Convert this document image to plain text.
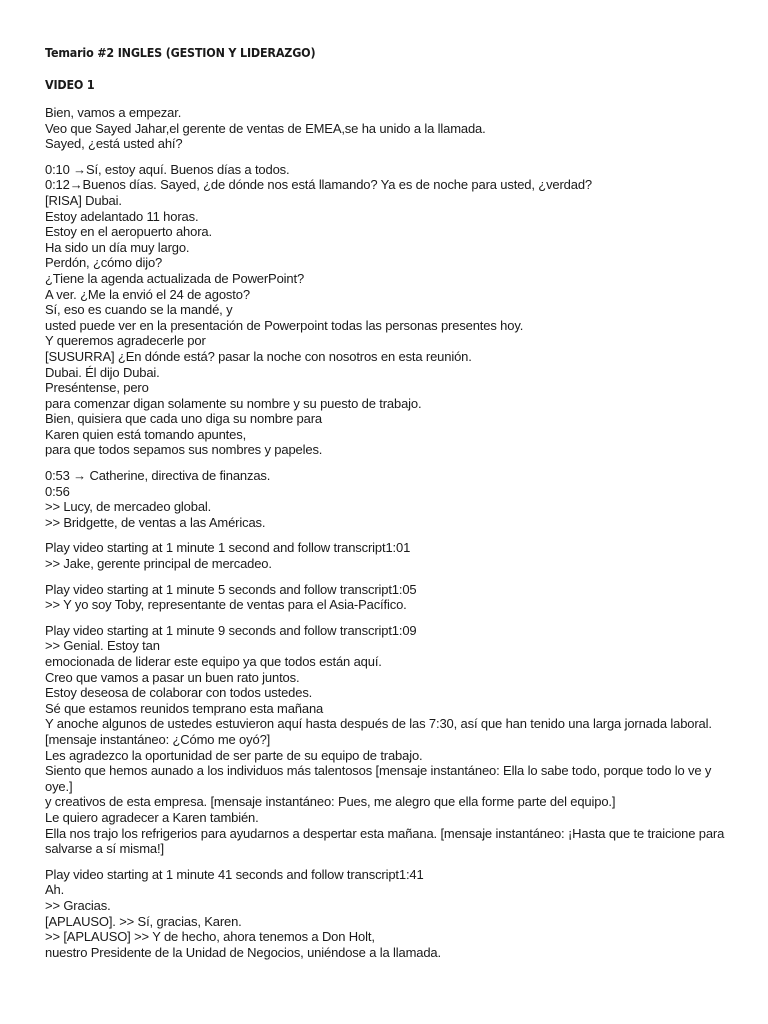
Temario #2 INGLES (GESTION Y LIDERAZGO)
VIDEO 1
Bien, vamos a empezar.
Veo que Sayed Jahar,el gerente de ventas de EMEA,se ha unido a la llamada.
Sayed, ¿está usted ahí?
0:10 →Sí, estoy aquí. Buenos días a todos.
0:12→Buenos días. Sayed, ¿de dónde nos está llamando? Ya es de noche para usted, ¿verdad?
[RISA] Dubai.
Estoy adelantado 11 horas.
Estoy en el aeropuerto ahora.
Ha sido un día muy largo.
Perdón, ¿cómo dijo?
¿Tiene la agenda actualizada de PowerPoint?
A ver. ¿Me la envió el 24 de agosto?
Sí, eso es cuando se la mandé, y
usted puede ver en la presentación de Powerpoint todas las personas presentes hoy.
Y queremos agradecerle por
[SUSURRA] ¿En dónde está? pasar la noche con nosotros en esta reunión.
Dubai. Él dijo Dubai.
Preséntense, pero
para comenzar digan solamente su nombre y su puesto de trabajo.
Bien, quisiera que cada uno diga su nombre para
Karen quien está tomando apuntes,
para que todos sepamos sus nombres y papeles.
0:53 → Catherine, directiva de finanzas.
0:56
>> Lucy, de mercadeo global.
>> Bridgette, de ventas a las Américas.
Play video starting at 1 minute 1 second and follow transcript1:01
>> Jake, gerente principal de mercadeo.
Play video starting at 1 minute 5 seconds and follow transcript1:05
>> Y yo soy Toby, representante de ventas para el Asia-Pacífico.
Play video starting at 1 minute 9 seconds and follow transcript1:09
>> Genial. Estoy tan
emocionada de liderar este equipo ya que todos están aquí.
Creo que vamos a pasar un buen rato juntos.
Estoy deseosa de colaborar con todos ustedes.
Sé que estamos reunidos temprano esta mañana
Y anoche algunos de ustedes estuvieron aquí hasta después de las 7:30, así que han tenido una larga jornada laboral. [mensaje instantáneo: ¿Cómo me oyó?]
Les agradezco la oportunidad de ser parte de su equipo de trabajo.
Siento que hemos aunado a los individuos más talentosos [mensaje instantáneo: Ella lo sabe todo, porque todo lo ve y oye.]
y creativos de esta empresa. [mensaje instantáneo: Pues, me alegro que ella forme parte del equipo.]
Le quiero agradecer a Karen también.
Ella nos trajo los refrigerios para ayudarnos a despertar esta mañana. [mensaje instantáneo: ¡Hasta que te traicione para salvarse a sí misma!]
Play video starting at 1 minute 41 seconds and follow transcript1:41
Ah.
>> Gracias.
[APLAUSO]. >> Sí, gracias, Karen.
>> [APLAUSO] >> Y de hecho, ahora tenemos a Don Holt,
nuestro Presidente de la Unidad de Negocios, uniéndose a la llamada.
